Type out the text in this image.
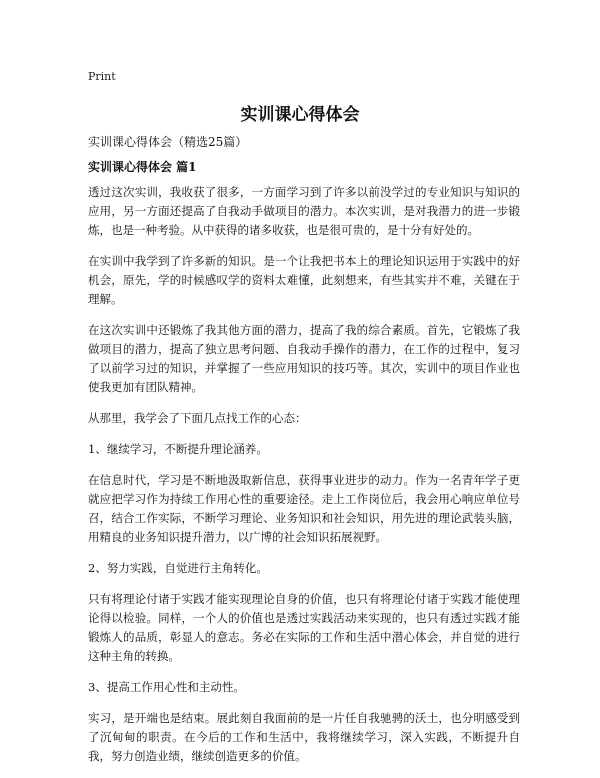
Print
实训课心得体会
实训课心得体会（精选25篇）
实训课心得体会 篇1

透过这次实训，我收获了很多，一方面学习到了许多以前没学过的专业知识与知识的应用，另一方面还提高了自我动手做项目的潜力。本次实训，是对我潜力的进一步锻炼，也是一种考验。从中获得的诸多收获，也是很可贵的，是十分有好处的。

在实训中我学到了许多新的知识。是一个让我把书本上的理论知识运用于实践中的好机会，原先，学的时候感叹学的资料太难懂，此刻想来，有些其实并不难，关键在于理解。

在这次实训中还锻炼了我其他方面的潜力，提高了我的综合素质。首先，它锻炼了我做项目的潜力，提高了独立思考问题、自我动手操作的潜力，在工作的过程中，复习了以前学习过的知识，并掌握了一些应用知识的技巧等。其次，实训中的项目作业也使我更加有团队精神。

从那里，我学会了下面几点找工作的心态：

1、继续学习，不断提升理论涵养。

在信息时代，学习是不断地汲取新信息，获得事业进步的动力。作为一名青年学子更就应把学习作为持续工作用心性的重要途径。走上工作岗位后，我会用心响应单位号召，结合工作实际，不断学习理论、业务知识和社会知识，用先进的理论武装头脑，用精良的业务知识提升潜力，以广博的社会知识拓展视野。

2、努力实践，自觉进行主角转化。

只有将理论付诸于实践才能实现理论自身的价值，也只有将理论付诸于实践才能使理论得以检验。同样，一个人的价值也是透过实践活动来实现的，也只有透过实践才能锻炼人的品质，彰显人的意志。务必在实际的工作和生活中潜心体会，并自觉的进行这种主角的转换。

3、提高工作用心性和主动性。

实习，是开端也是结束。展此刻自我面前的是一片任自我驰骋的沃土，也分明感受到了沉甸甸的职责。在今后的工作和生活中，我将继续学习，深入实践，不断提升自我，努力创造业绩，继续创造更多的价值。
